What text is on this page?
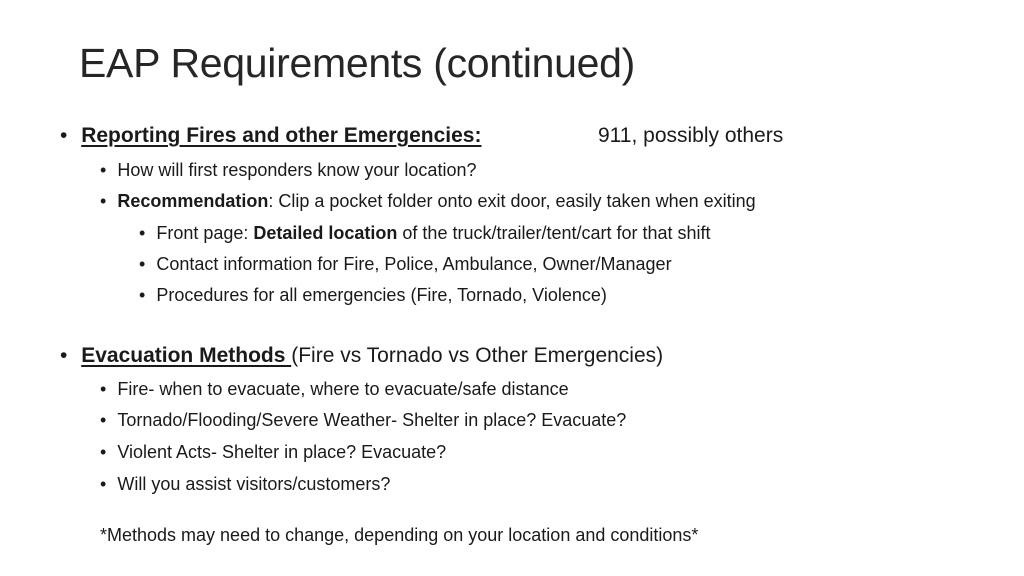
EAP Requirements (continued)
• Reporting Fires and other Emergencies:	911, possibly others
• How will first responders know your location?
• Recommendation: Clip a pocket folder onto exit door, easily taken when exiting
• Front page: Detailed location of the truck/trailer/tent/cart for that shift
• Contact information for Fire, Police, Ambulance, Owner/Manager
• Procedures for all emergencies (Fire, Tornado, Violence)
• Evacuation Methods (Fire vs Tornado vs Other Emergencies)
• Fire- when to evacuate, where to evacuate/safe distance
• Tornado/Flooding/Severe Weather- Shelter in place? Evacuate?
• Violent Acts- Shelter in place? Evacuate?
• Will you assist visitors/customers?
*Methods may need to change, depending on your location and conditions*
